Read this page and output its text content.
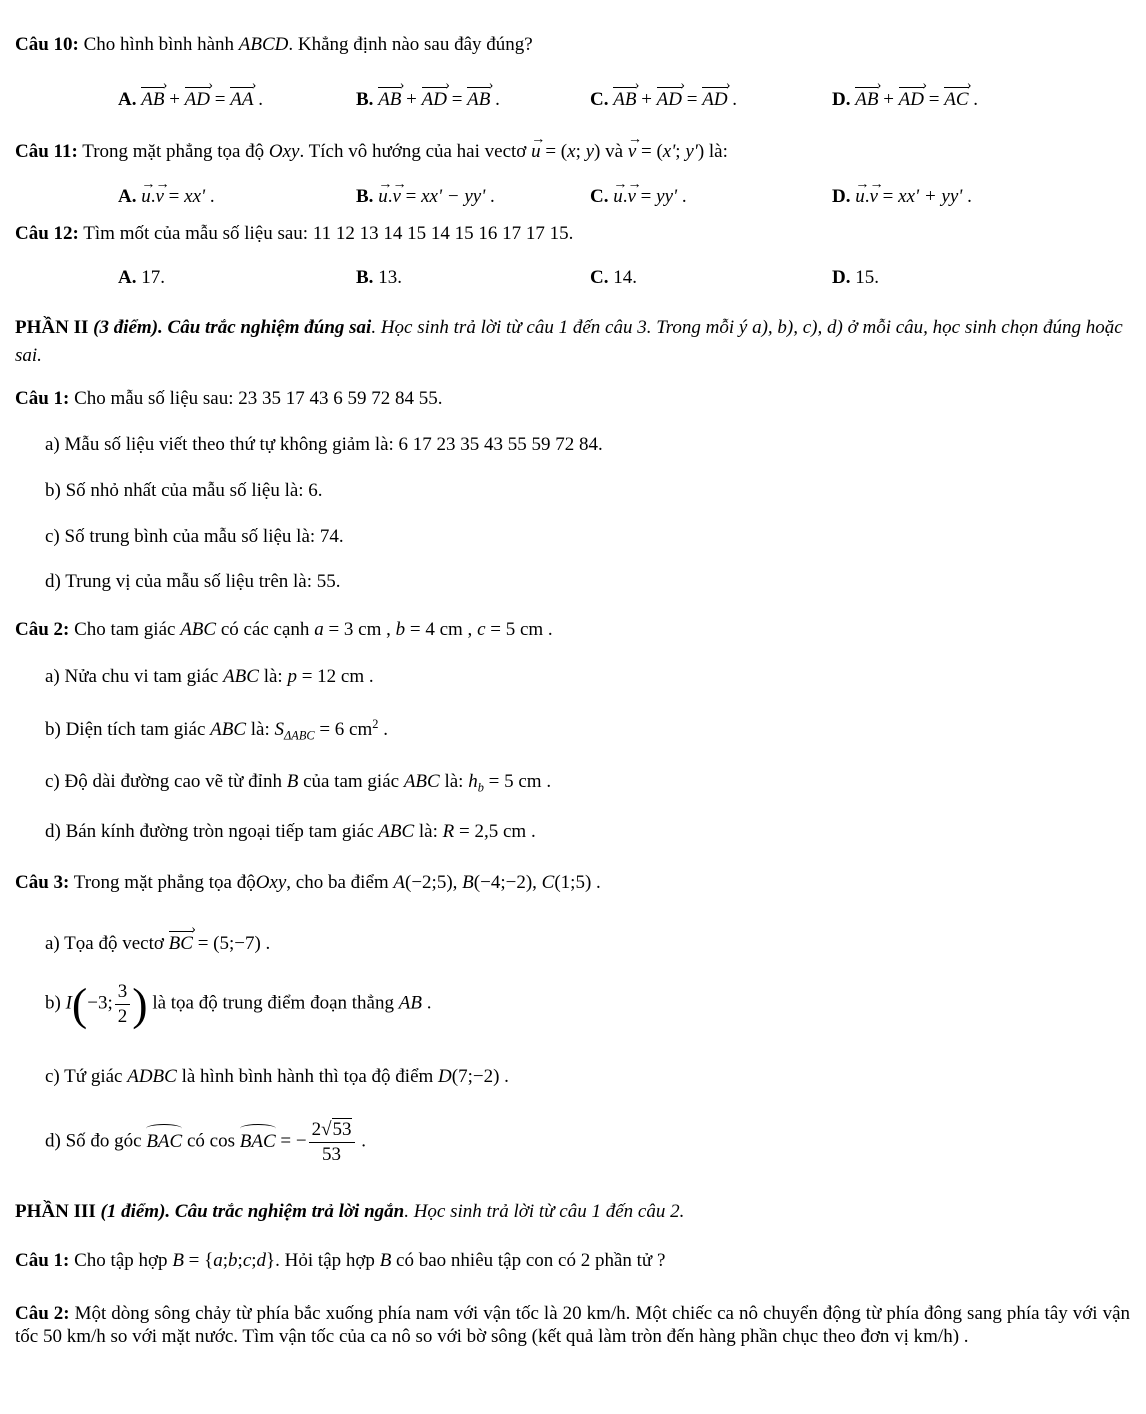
Câu 10: Cho hình bình hành ABCD. Khẳng định nào sau đây đúng?
A. AB › + AD › = AA › .	B. AB › + AD › = AB › .	C. AB › + AD › = AD › .	D. AB › + AD › = AC › .
Câu 11: Trong mặt phẳng tọa độ Oxy. Tích vô hướng của hai vectơ → u = (x; y) và → v = (x'; y') là:
A. → u.→ v = xx' .	B. → u.→ v = xx' − yy' .	C. → u.→ v = yy' .	D. → u.→ v = xx' + yy' .
Câu 12: Tìm mốt của mẫu số liệu sau: 11 12 13 14 15 14 15 16 17 17 15.
A. 17.	B. 13.	C. 14.	D. 15.
PHẦN II (3 điểm). Câu trắc nghiệm đúng sai. Học sinh trả lời từ câu 1 đến câu 3. Trong mỗi ý a), b), c), d) ở mỗi câu, học sinh chọn đúng hoặc sai.
Câu 1: Cho mẫu số liệu sau: 23 35 17 43 6 59 72 84 55.
a) Mẫu số liệu viết theo thứ tự không giảm là: 6 17 23 35 43 55 59 72 84.
b) Số nhỏ nhất của mẫu số liệu là: 6.
c) Số trung bình của mẫu số liệu là: 74.
d) Trung vị của mẫu số liệu trên là: 55.
Câu 2: Cho tam giác ABC có các cạnh a = 3 cm , b = 4 cm , c = 5 cm .
a) Nửa chu vi tam giác ABC là: p = 12 cm .
b) Diện tích tam giác ABC là: $S_{\Delta ABC} = 6$ $cm^2$ .
c) Độ dài đường cao vẽ từ đỉnh B của tam giác ABC là: $h_b = 5$ cm .
d) Bán kính đường tròn ngoại tiếp tam giác ABC là: R = 2,5 cm .
Câu 3: Trong mặt phẳng tọa độOxy, cho ba điểm A(−2;5), B(−4;−2), C(1;5) .
a) Tọa độ vectơ BC › = (5;−7) .
b) I(−3; $\frac{3}{2}$ ) là tọa độ trung điểm đoạn thẳng AB .
c) Tứ giác ADBC là hình bình hành thì tọa độ điểm D(7;−2) .
d) Số đo góc BAC có cos BAC = − $\frac{2√53}{53}$ .
PHẦN III (1 điểm). Câu trắc nghiệm trả lời ngắn. Học sinh trả lời từ câu 1 đến câu 2.
Câu 1: Cho tập hợp B = {a;b;c;d}. Hỏi tập hợp B có bao nhiêu tập con có 2 phần tử ?
Câu 2: Một dòng sông chảy từ phía bắc xuống phía nam với vận tốc là 20 km/h. Một chiếc ca nô chuyển động từ phía đông sang phía tây với vận tốc 50 km/h so với mặt nước. Tìm vận tốc của ca nô so với bờ sông (kết quả làm tròn đến hàng phần chục theo đơn vị km/h) .
